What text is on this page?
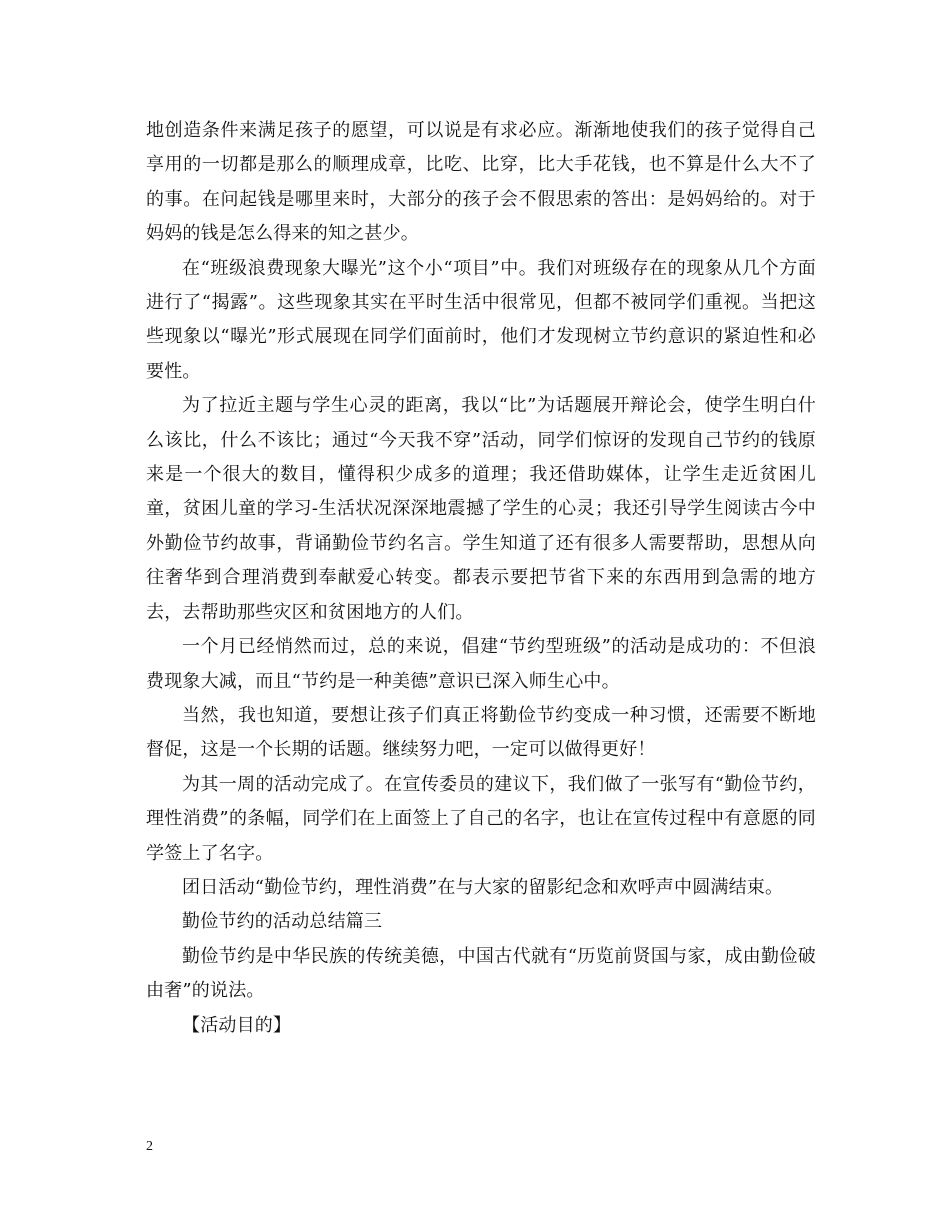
地创造条件来满足孩子的愿望，可以说是有求必应。渐渐地使我们的孩子觉得自己享用的一切都是那么的顺理成章，比吃、比穿，比大手花钱，也不算是什么大不了的事。在问起钱是哪里来时，大部分的孩子会不假思索的答出：是妈妈给的。对于妈妈的钱是怎么得来的知之甚少。

在“班级浪费现象大曝光”这个小“项目”中。我们对班级存在的现象从几个方面进行了“揭露”。这些现象其实在平时生活中很常见，但都不被同学们重视。当把这些现象以“曝光”形式展现在同学们面前时，他们才发现树立节约意识的紧迫性和必要性。

为了拉近主题与学生心灵的距离，我以“比”为话题展开辩论会，使学生明白什么该比，什么不该比；通过“今天我不穿”活动，同学们惊讶的发现自己节约的钱原来是一个很大的数目，懂得积少成多的道理；我还借助媒体，让学生走近贫困儿童，贫困儿童的学习-生活状况深深地震撼了学生的心灵；我还引导学生阅读古今中外勤俭节约故事，背诵勤俭节约名言。学生知道了还有很多人需要帮助，思想从向往奢华到合理消费到奉献爱心转变。都表示要把节省下来的东西用到急需的地方去，去帮助那些灾区和贫困地方的人们。

一个月已经悄然而过，总的来说，倡建“节约型班级”的活动是成功的：不但浪费现象大减，而且“节约是一种美德”意识已深入师生心中。

当然，我也知道，要想让孩子们真正将勤俭节约变成一种习惯，还需要不断地督促，这是一个长期的话题。继续努力吧，一定可以做得更好！

为其一周的活动完成了。在宣传委员的建议下，我们做了一张写有“勤俭节约，理性消费”的条幅，同学们在上面签上了自己的名字，也让在宣传过程中有意愿的同学签上了名字。

团日活动“勤俭节约，理性消费”在与大家的留影纪念和欢呼声中圆满结束。

勤俭节约的活动总结篇三

勤俭节约是中华民族的传统美德，中国古代就有“历览前贤国与家，成由勤俭破由奢”的说法。

【活动目的】

2
